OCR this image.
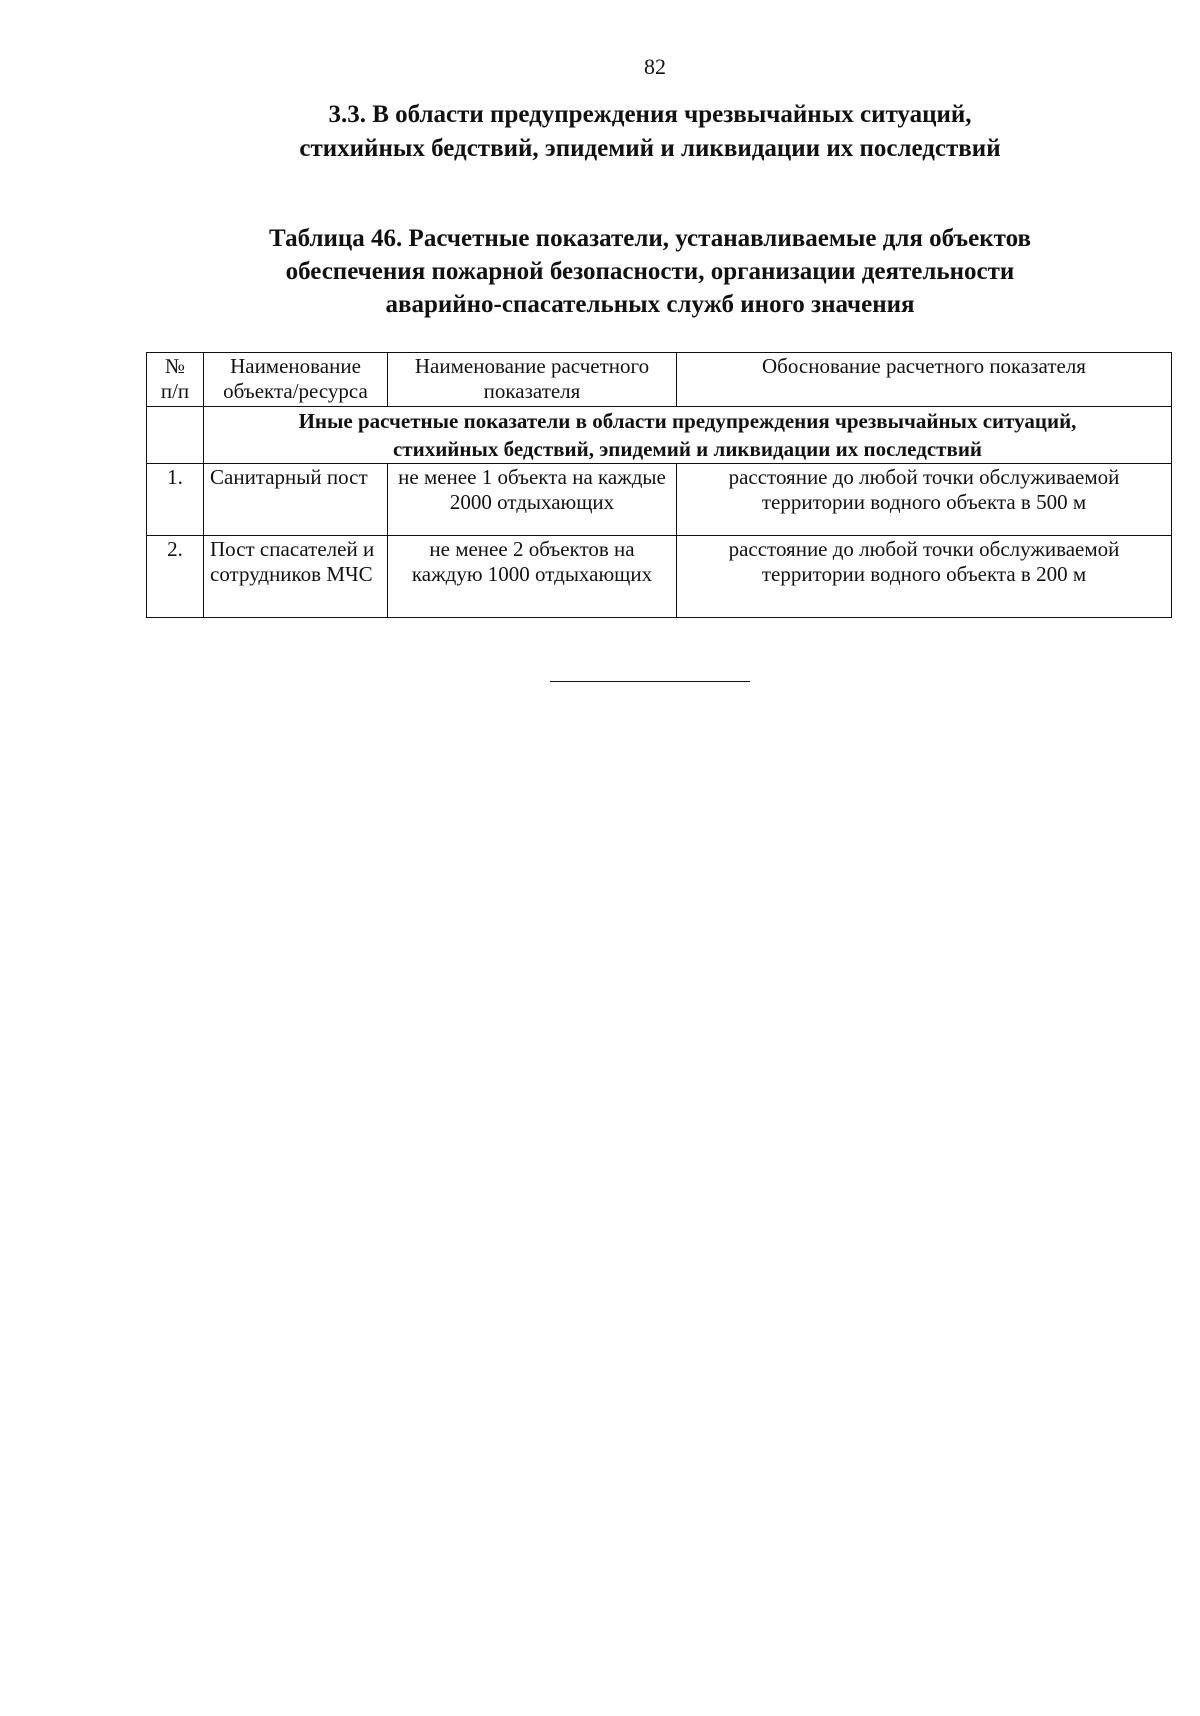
82
3.3. В области предупреждения чрезвычайных ситуаций,
стихийных бедствий, эпидемий и ликвидации их последствий
Таблица 46. Расчетные показатели, устанавливаемые для объектов
обеспечения пожарной безопасности, организации деятельности
аварийно-спасательных служб иного значения
№
п/п	Наименование объекта/ресурса	Наименование расчетного показателя	Обоснование расчетного показателя

	Иные расчетные показатели в области предупреждения чрезвычайных ситуаций,
стихийных бедствий, эпидемий и ликвидации их последствий		

1.	Санитарный пост	не менее 1 объекта на каждые 2000 отдыхающих	расстояние до любой точки обслуживаемой территории водного объекта в 500 м
2.	Пост спасателей и сотрудников МЧС	не менее 2 объектов на каждую 1000 отдыхающих	расстояние до любой точки обслуживаемой территории водного объекта в 200 м
